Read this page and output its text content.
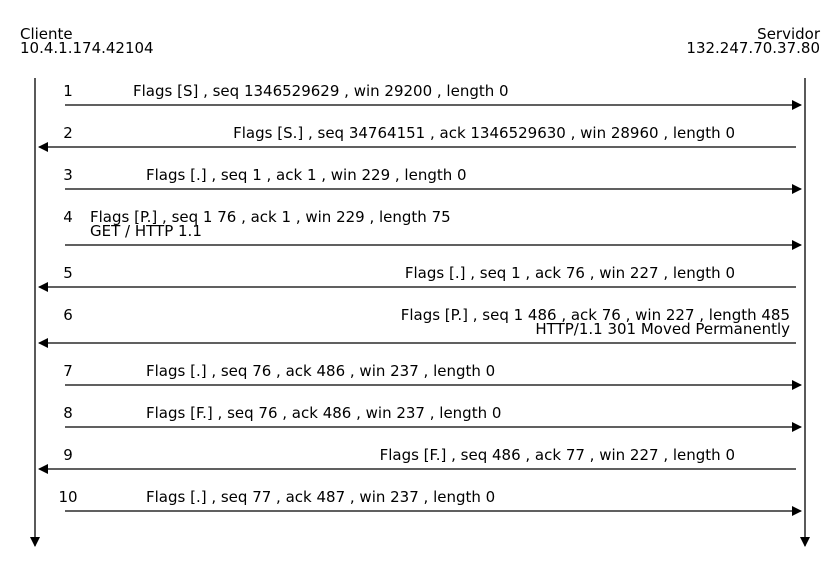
Cliente
10.4.1.174.42104
Servidor
132.247.70.37.80
1	Flags [S] , seq 1346529629 , win 29200 , length 0
2	Flags [S.] , seq 34764151 , ack 1346529630 , win 28960 , length 0
3	Flags [.] , seq 1 , ack 1 , win 229 , length 0
4 Flags [P.] , seq 1 76 , ack 1 , win 229 , length 75
GET / HTTP 1.1
5	Flags [.] , seq 1 , ack 76 , win 227 , length 0
6	Flags [P.] , seq 1 486 , ack 76 , win 227 , length 485
HTTP/1.1 301 Moved Permanently
7	Flags [.] , seq 76 , ack 486 , win 237 , length 0
8	Flags [F.] , seq 76 , ack 486 , win 237 , length 0
9	Flags [F.] , seq 486 , ack 77 , win 227 , length 0
10	Flags [.] , seq 77 , ack 487 , win 237 , length 0
